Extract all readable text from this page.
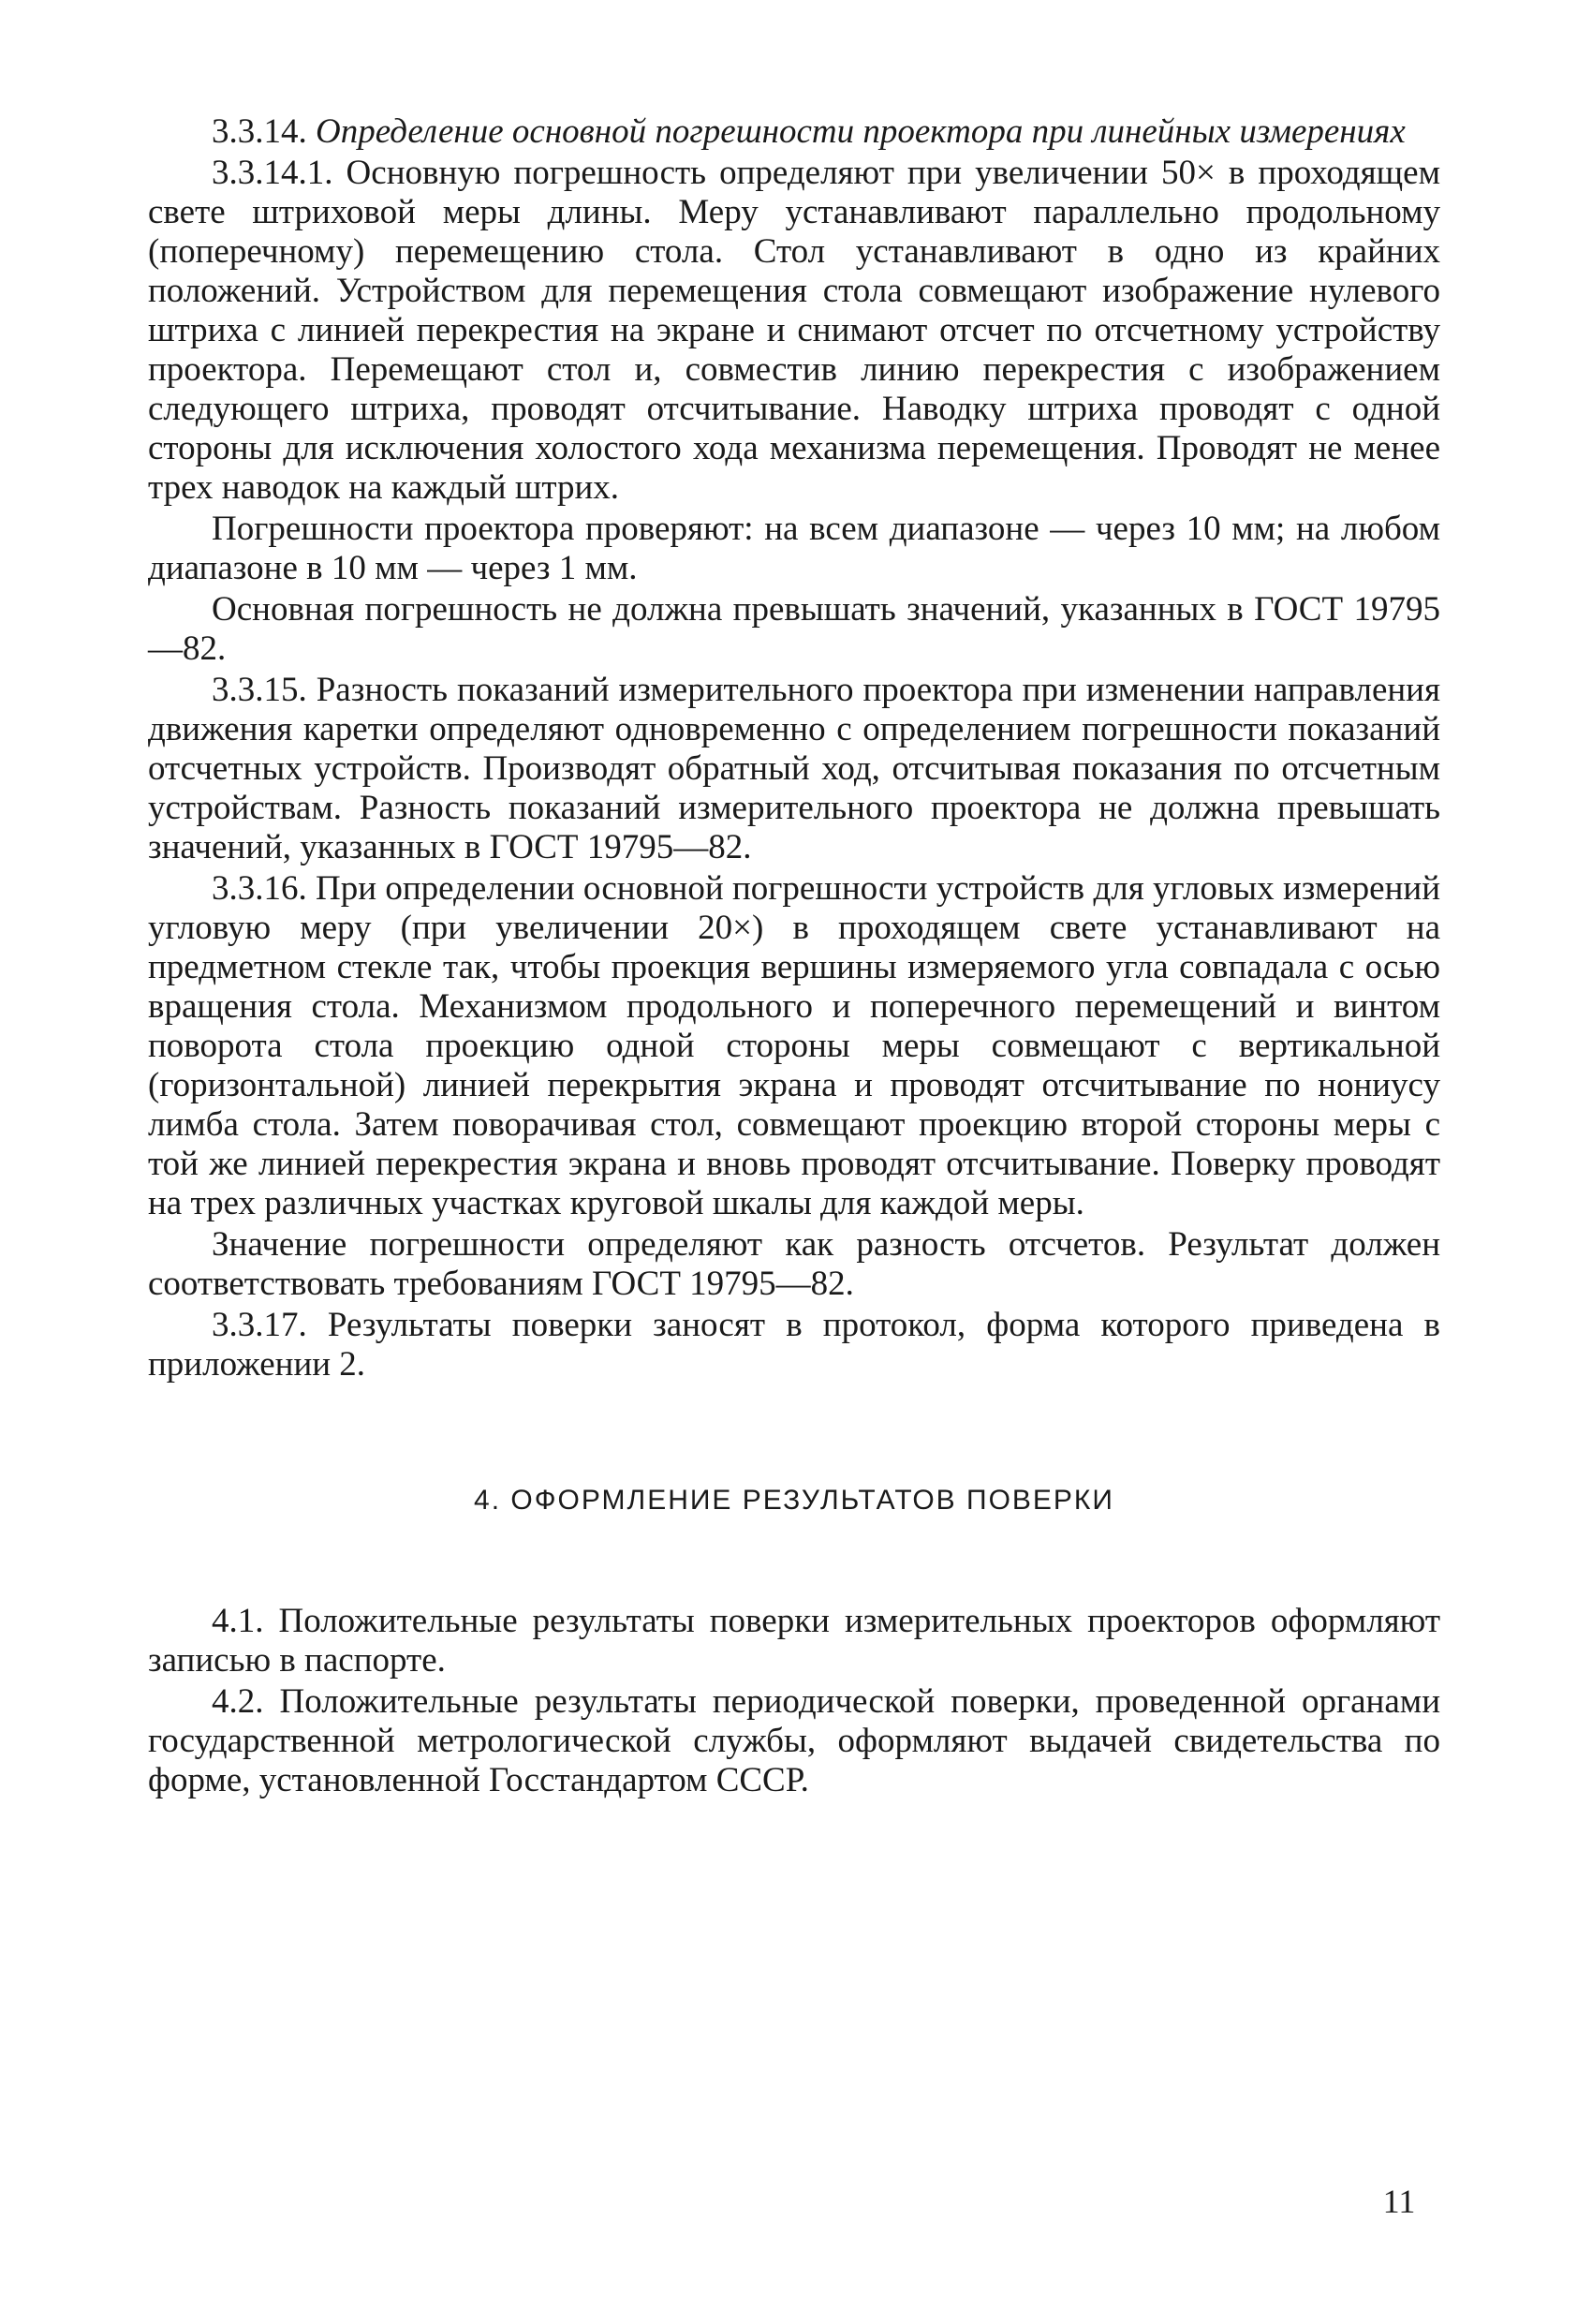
3.3.14. Определение основной погрешности проектора при линейных измерениях

3.3.14.1. Основную погрешность определяют при увеличении 50× в проходящем свете штриховой меры длины. Меру устанавливают параллельно продольному (поперечному) перемещению стола. Стол устанавливают в одно из крайних положений. Устройством для перемещения стола совмещают изображение нулевого штриха с линией перекрестия на экране и снимают отсчет по отсчетному устройству проектора. Перемещают стол и, совместив линию перекрестия с изображением следующего штриха, проводят отсчитывание. Наводку штриха проводят с одной стороны для исключения холостого хода механизма перемещения. Проводят не менее трех наводок на каждый штрих.

Погрешности проектора проверяют: на всем диапазоне — через 10 мм; на любом диапазоне в 10 мм — через 1 мм.

Основная погрешность не должна превышать значений, указанных в ГОСТ 19795—82.

3.3.15. Разность показаний измерительного проектора при изменении направления движения каретки определяют одновременно с определением погрешности показаний отсчетных устройств. Производят обратный ход, отсчитывая показания по отсчетным устройствам. Разность показаний измерительного проектора не должна превышать значений, указанных в ГОСТ 19795—82.

3.3.16. При определении основной погрешности устройств для угловых измерений угловую меру (при увеличении 20×) в проходящем свете устанавливают на предметном стекле так, чтобы проекция вершины измеряемого угла совпадала с осью вращения стола. Механизмом продольного и поперечного перемещений и винтом поворота стола проекцию одной стороны меры совмещают с вертикальной (горизонтальной) линией перекрытия экрана и проводят отсчитывание по нониусу лимба стола. Затем поворачивая стол, совмещают проекцию второй стороны меры с той же линией перекрестия экрана и вновь проводят отсчитывание. Поверку проводят на трех различных участках круговой шкалы для каждой меры.

Значение погрешности определяют как разность отсчетов. Результат должен соответствовать требованиям ГОСТ 19795—82.

3.3.17. Результаты поверки заносят в протокол, форма которого приведена в приложении 2.

4. ОФОРМЛЕНИЕ РЕЗУЛЬТАТОВ ПОВЕРКИ

4.1. Положительные результаты поверки измерительных проекторов оформляют записью в паспорте.

4.2. Положительные результаты периодической поверки, проведенной органами государственной метрологической службы, оформляют выдачей свидетельства по форме, установленной Госстандартом СССР.

11
